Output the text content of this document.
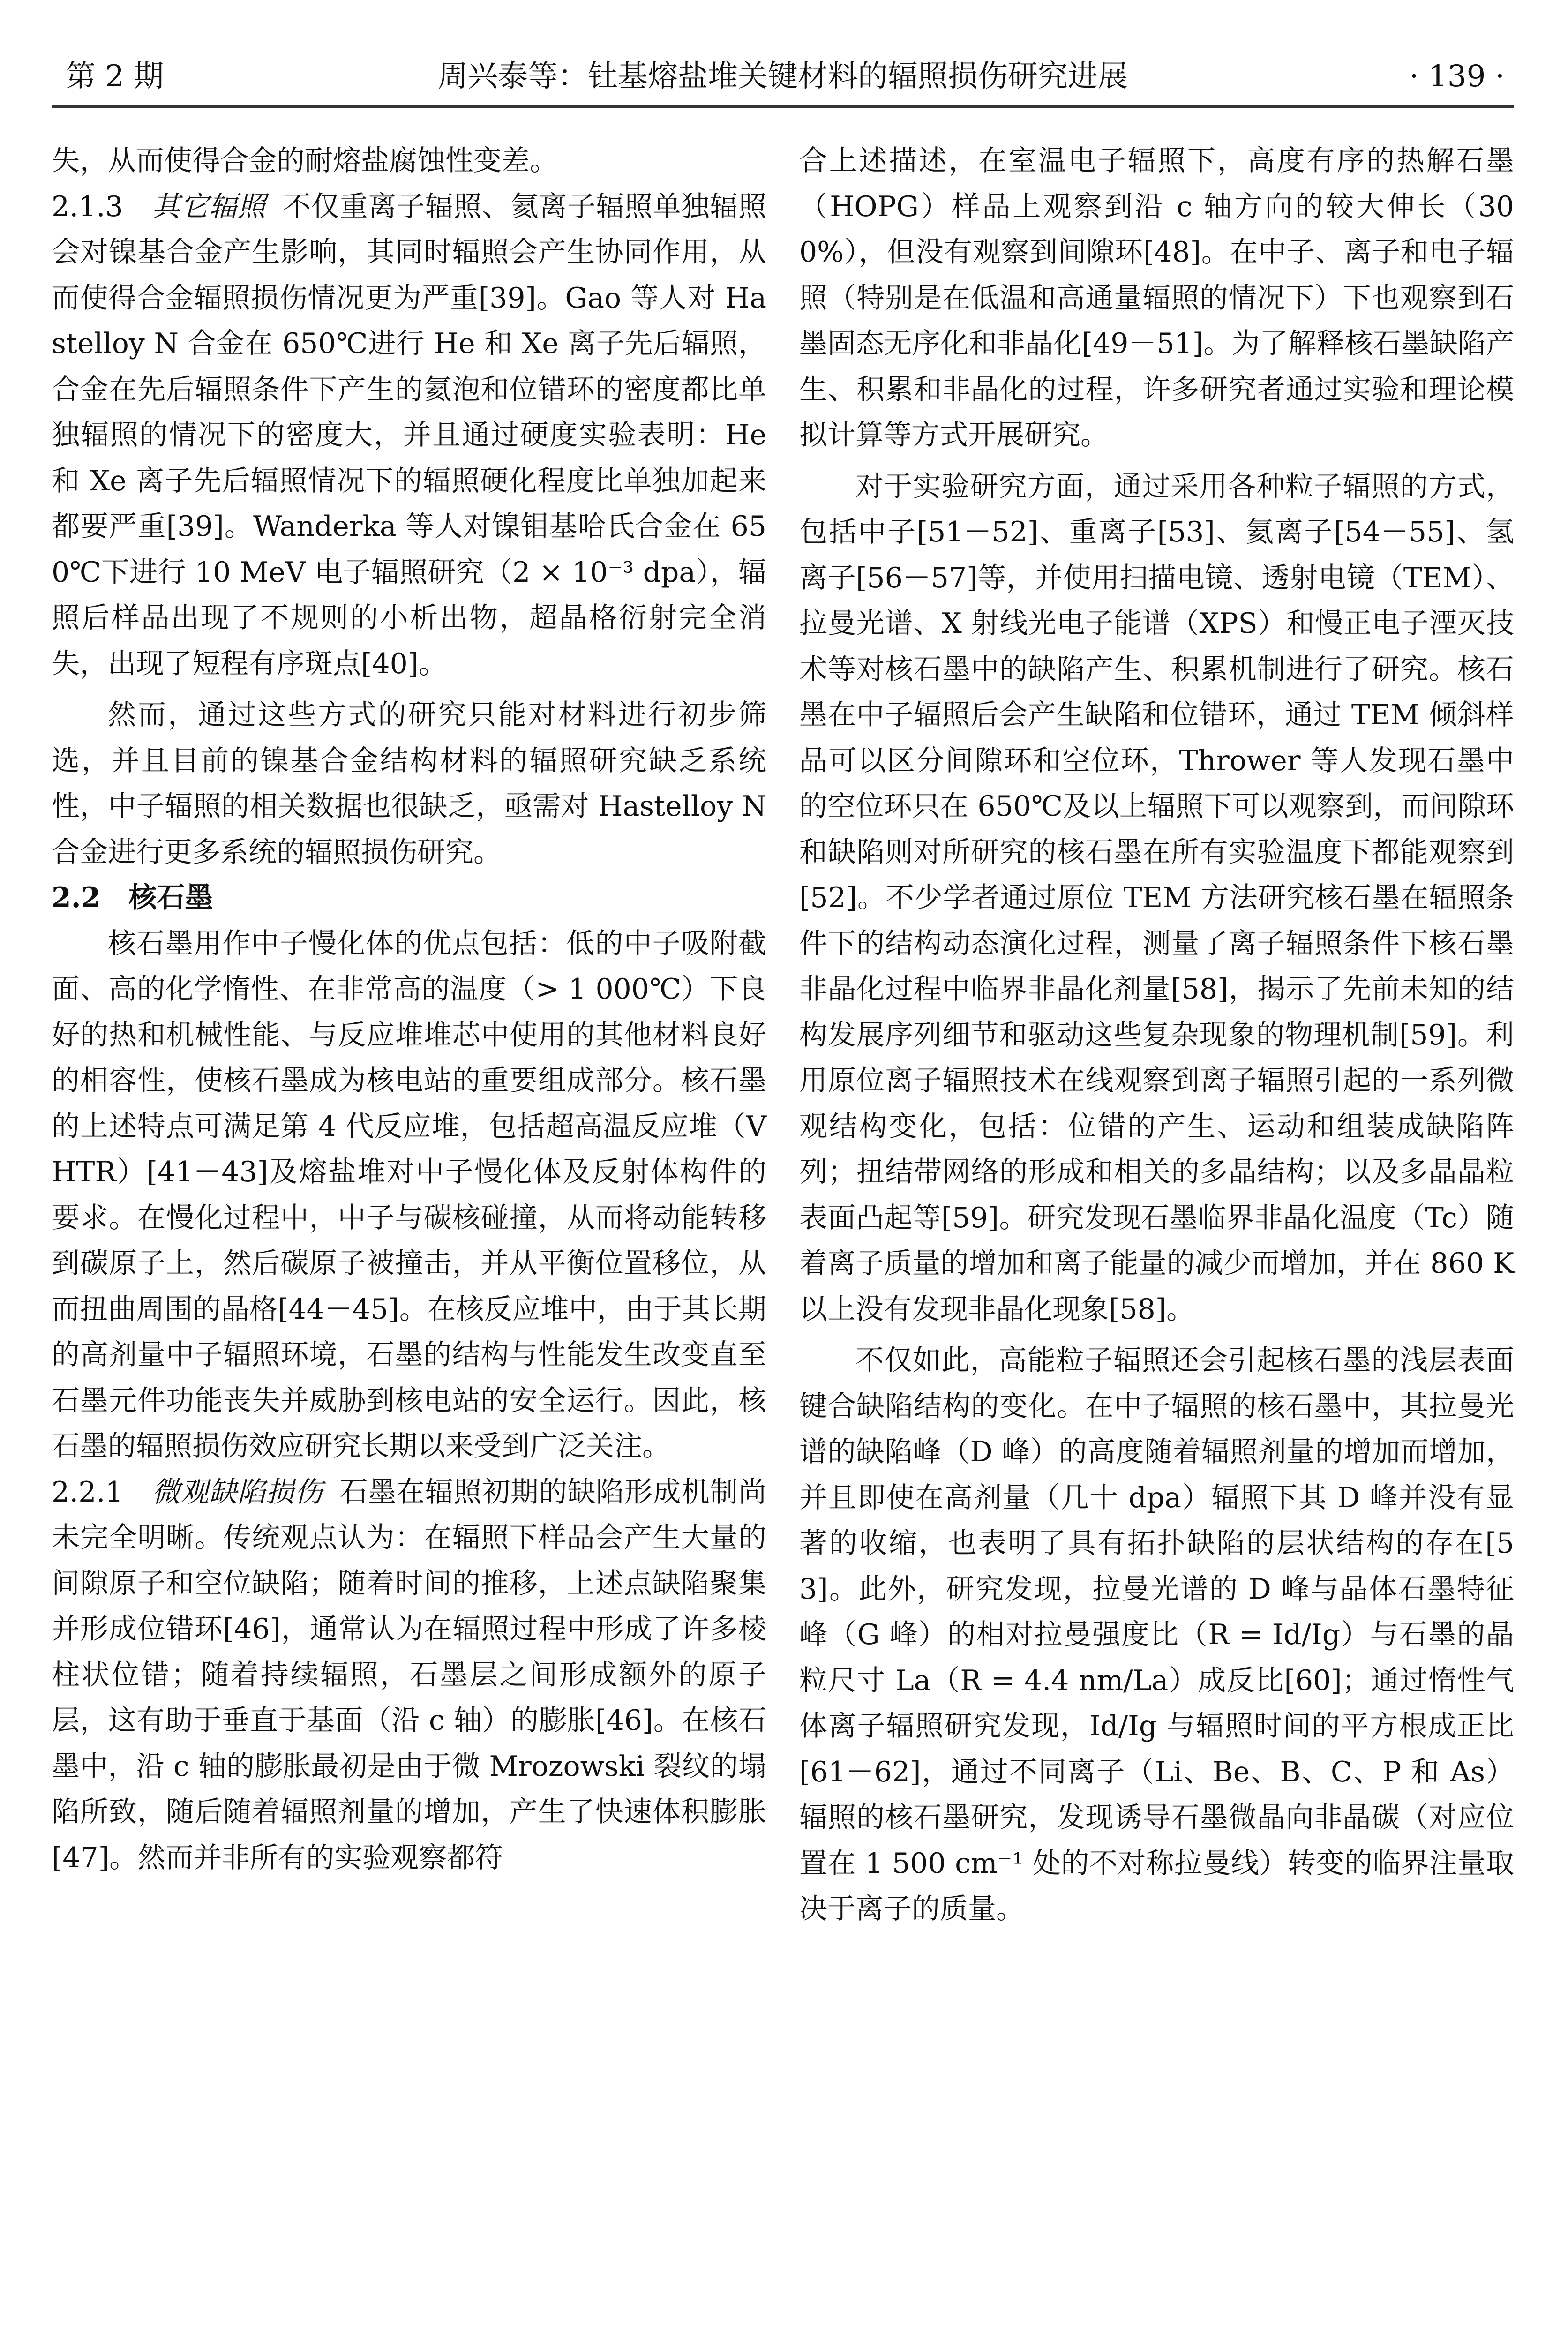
周兴泰等：钍基熔盐堆关键材料的辐照损伤研究进展
第 2 期	· 139 ·

失，从而使得合金的耐熔盐腐蚀性变差。

2.1.3　 其它辐照 不仅重离子辐照、氦离子辐照单独辐照会对镍基合金产生影响，其同时辐照会产生协同作用，从而使得合金辐照损伤情况更为严重[39]。Gao 等人对 Hastelloy N 合金在 650℃进行 He 和 Xe 离子先后辐照，合金在先后辐照条件下产生的氦泡和位错环的密度都比单独辐照的情况下的密度大，并且通过硬度实验表明：He 和 Xe 离子先后辐照情况下的辐照硬化程度比单独加起来都要严重[39]。Wanderka 等人对镍钼基哈氏合金在 650℃下进行 10 MeV 电子辐照研究（2 × 10⁻³ dpa），辐照后样品出现了不规则的小析出物，超晶格衍射完全消失，出现了短程有序斑点[40]。

然而，通过这些方式的研究只能对材料进行初步筛选，并且目前的镍基合金结构材料的辐照研究缺乏系统性，中子辐照的相关数据也很缺乏，亟需对 Hastelloy N 合金进行更多系统的辐照损伤研究。

2.2　核石墨

核石墨用作中子慢化体的优点包括：低的中子吸附截面、高的化学惰性、在非常高的温度（> 1 000℃）下良好的热和机械性能、与反应堆堆芯中使用的其他材料良好的相容性，使核石墨成为核电站的重要组成部分。核石墨的上述特点可满足第 4 代反应堆，包括超高温反应堆（VHTR）[41－43]及熔盐堆对中子慢化体及反射体构件的要求。在慢化过程中，中子与碳核碰撞，从而将动能转移到碳原子上，然后碳原子被撞击，并从平衡位置移位，从而扭曲周围的晶格[44－45]。在核反应堆中，由于其长期的高剂量中子辐照环境，石墨的结构与性能发生改变直至石墨元件功能丧失并威胁到核电站的安全运行。因此，核石墨的辐照损伤效应研究长期以来受到广泛关注。

2.2.1　 微观缺陷损伤 石墨在辐照初期的缺陷形成机制尚未完全明晰。传统观点认为：在辐照下样品会产生大量的间隙原子和空位缺陷；随着时间的推移，上述点缺陷聚集并形成位错环[46]，通常认为在辐照过程中形成了许多棱柱状位错；随着持续辐照，石墨层之间形成额外的原子层，这有助于垂直于基面（沿 c 轴）的膨胀[46]。在核石墨中，沿 c 轴的膨胀最初是由于微 Mrozowski 裂纹的塌陷所致，随后随着辐照剂量的增加，产生了快速体积膨胀[47]。然而并非所有的实验观察都符

合上述描述，在室温电子辐照下，高度有序的热解石墨（HOPG）样品上观察到沿 c 轴方向的较大伸长（300%），但没有观察到间隙环[48]。在中子、离子和电子辐照（特别是在低温和高通量辐照的情况下）下也观察到石墨固态无序化和非晶化[49－51]。为了解释核石墨缺陷产生、积累和非晶化的过程，许多研究者通过实验和理论模拟计算等方式开展研究。

对于实验研究方面，通过采用各种粒子辐照的方式，包括中子[51－52]、重离子[53]、氦离子[54－55]、氢离子[56－57]等，并使用扫描电镜、透射电镜（TEM）、拉曼光谱、X 射线光电子能谱（XPS）和慢正电子湮灭技术等对核石墨中的缺陷产生、积累机制进行了研究。核石墨在中子辐照后会产生缺陷和位错环，通过 TEM 倾斜样品可以区分间隙环和空位环，Thrower 等人发现石墨中的空位环只在 650℃及以上辐照下可以观察到，而间隙环和缺陷则对所研究的核石墨在所有实验温度下都能观察到[52]。不少学者通过原位 TEM 方法研究核石墨在辐照条件下的结构动态演化过程，测量了离子辐照条件下核石墨非晶化过程中临界非晶化剂量[58]，揭示了先前未知的结构发展序列细节和驱动这些复杂现象的物理机制[59]。利用原位离子辐照技术在线观察到离子辐照引起的一系列微观结构变化，包括：位错的产生、运动和组装成缺陷阵列；扭结带网络的形成和相关的多晶结构；以及多晶晶粒表面凸起等[59]。研究发现石墨临界非晶化温度（Tc）随着离子质量的增加和离子能量的减少而增加，并在 860 K 以上没有发现非晶化现象[58]。

不仅如此，高能粒子辐照还会引起核石墨的浅层表面键合缺陷结构的变化。在中子辐照的核石墨中，其拉曼光谱的缺陷峰（D 峰）的高度随着辐照剂量的增加而增加，并且即使在高剂量（几十 dpa）辐照下其 D 峰并没有显著的收缩，也表明了具有拓扑缺陷的层状结构的存在[53]。此外，研究发现，拉曼光谱的 D 峰与晶体石墨特征峰（G 峰）的相对拉曼强度比（R = Id/Ig）与石墨的晶粒尺寸 La（R = 4.4 nm/La）成反比[60]；通过惰性气体离子辐照研究发现，Id/Ig 与辐照时间的平方根成正比[61－62]，通过不同离子（Li、Be、B、C、P 和 As）辐照的核石墨研究，发现诱导石墨微晶向非晶碳（对应位置在 1 500 cm⁻¹ 处的不对称拉曼线）转变的临界注量取决于离子的质量。
